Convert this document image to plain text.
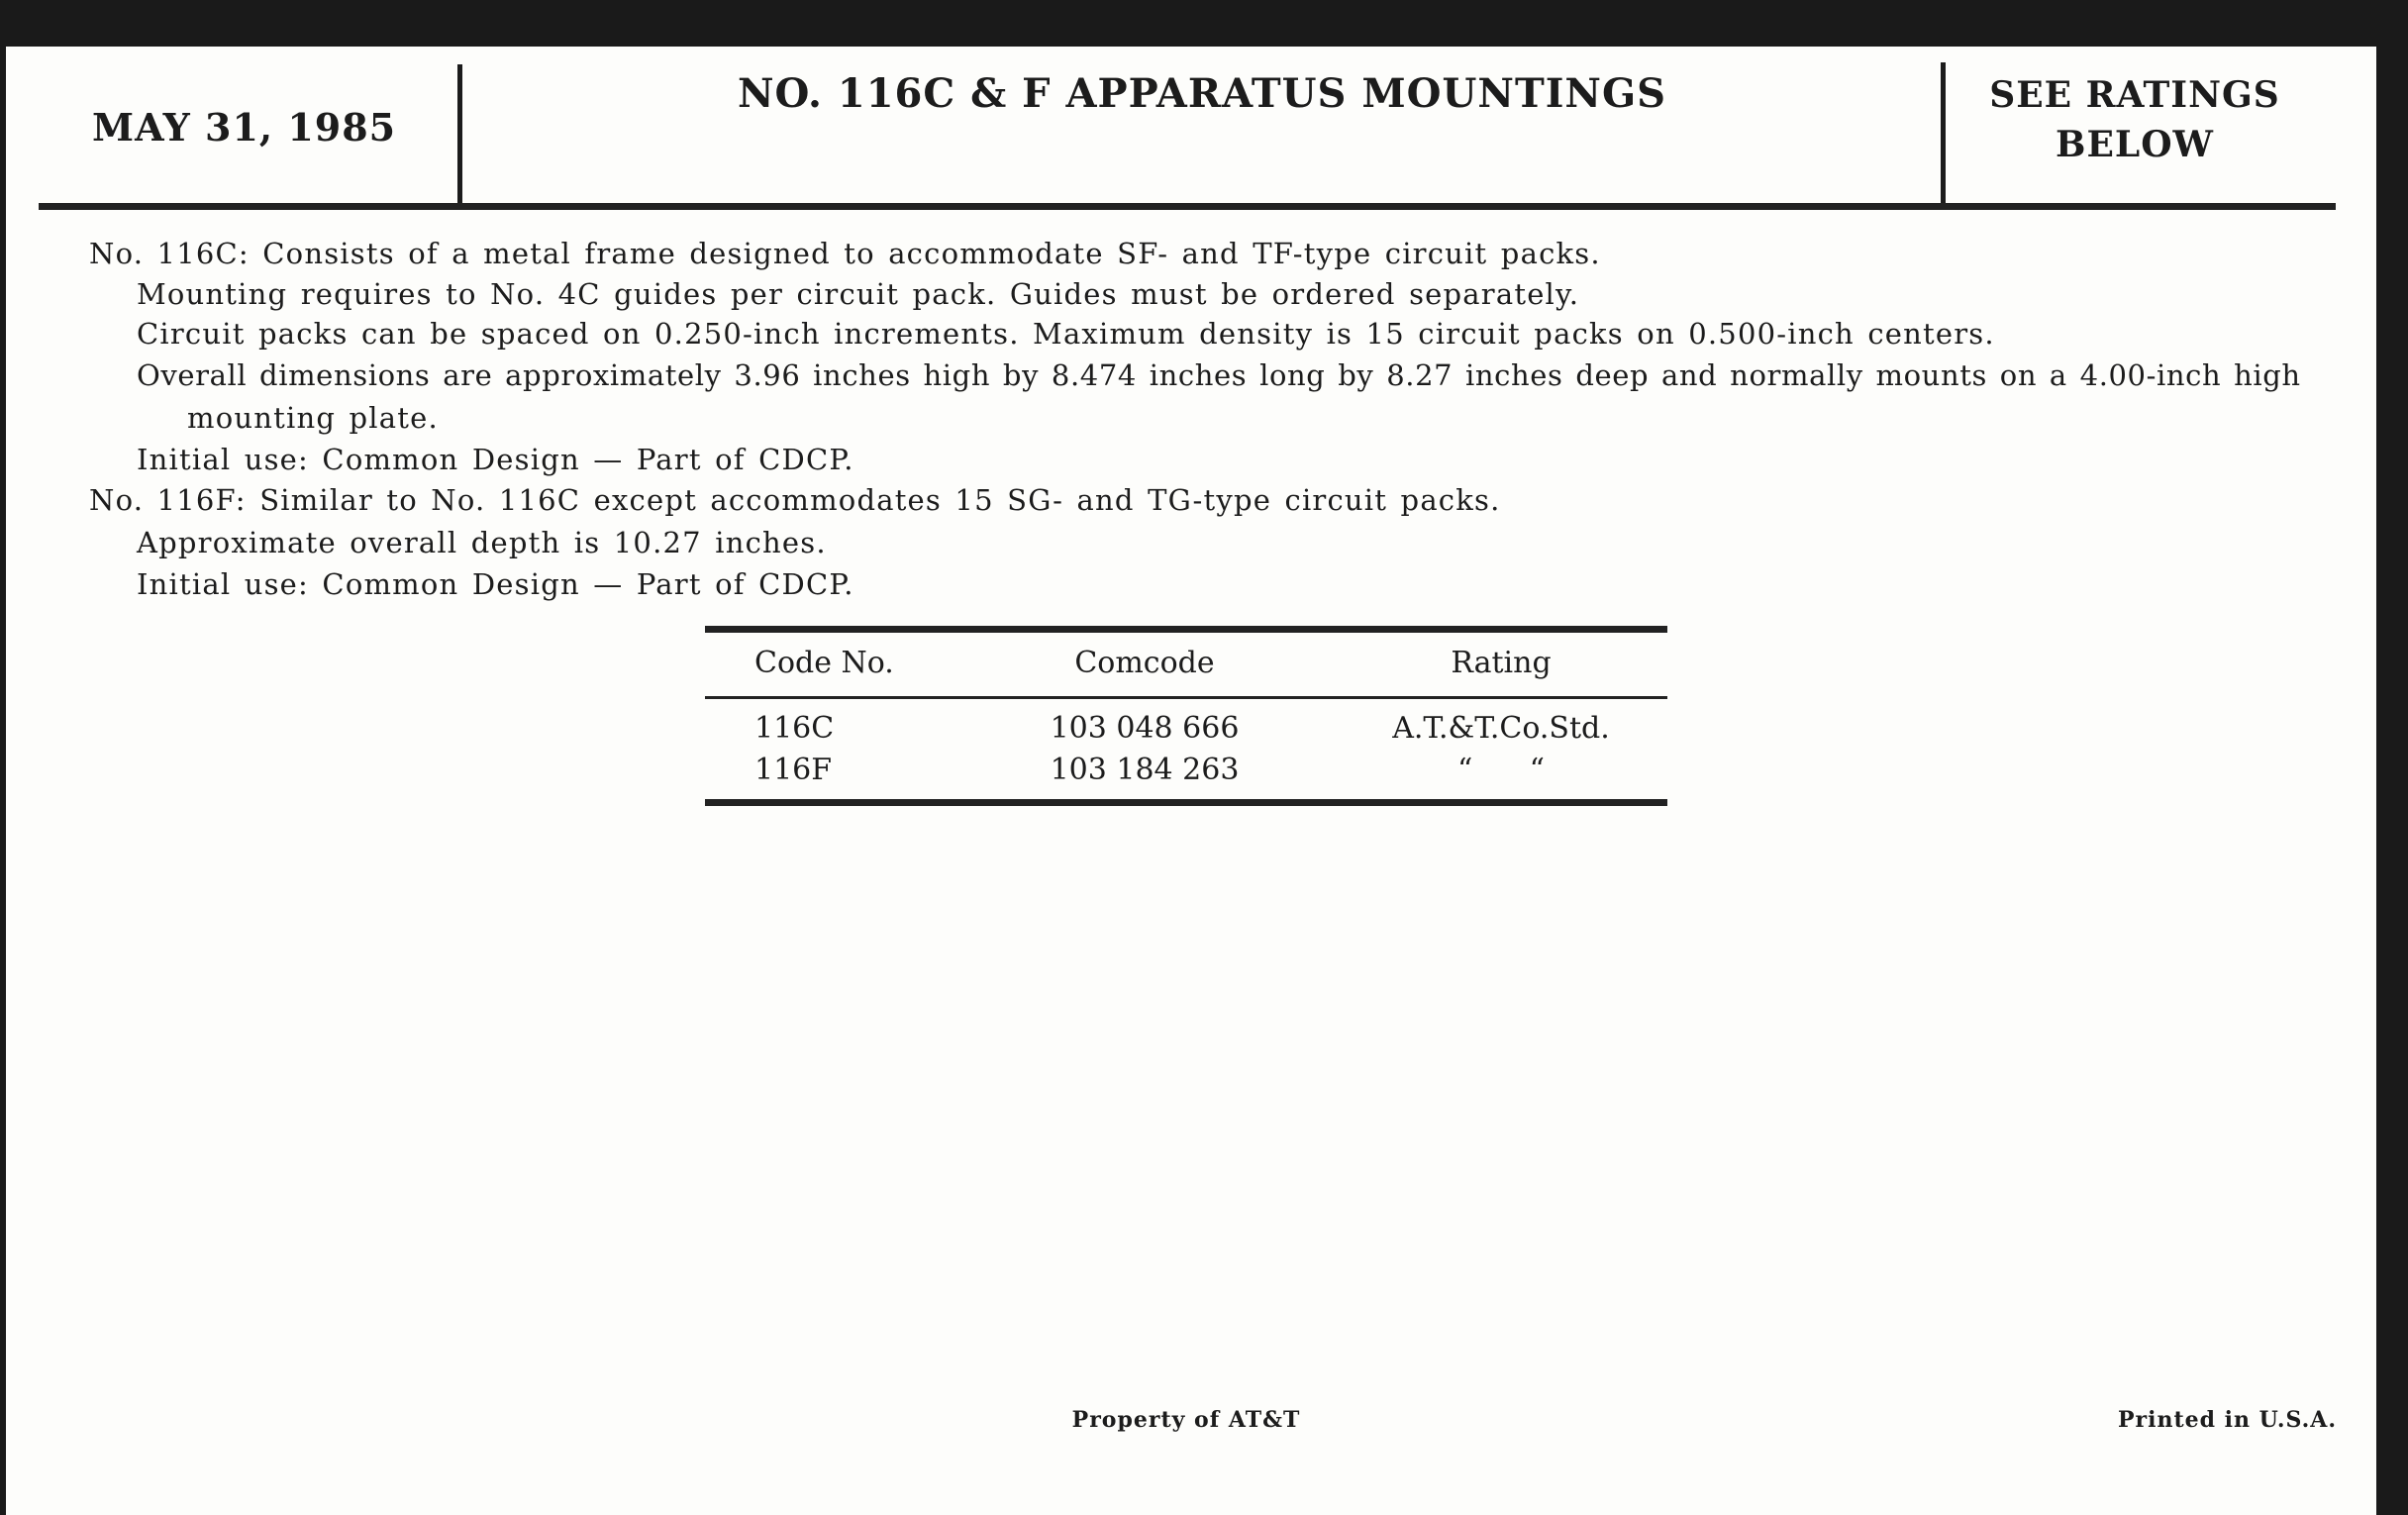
MAY 31, 1985
NO. 116C & F APPARATUS MOUNTINGS	SEE RATINGS
BELOW
No. 116C: Consists of a metal frame designed to accommodate SF- and TF-type circuit packs.
Mounting requires to No. 4C guides per circuit pack. Guides must be ordered separately.
Circuit packs can be spaced on 0.250-inch increments. Maximum density is 15 circuit packs on 0.500-inch centers.
Overall dimensions are approximately 3.96 inches high by 8.474 inches long by 8.27 inches deep and normally mounts on a 4.00-inch high
mounting plate.
Initial use: Common Design — Part of CDCP.
No. 116F: Similar to No. 116C except accommodates 15 SG- and TG-type circuit packs.
Approximate overall depth is 10.27 inches.
Initial use: Common Design — Part of CDCP.
Code No.	Comcode	Rating
116C	103 048 666	A.T.&T.Co.Std.
116F	103 184 263	“      “
Property of AT&T	Printed in U.S.A.
